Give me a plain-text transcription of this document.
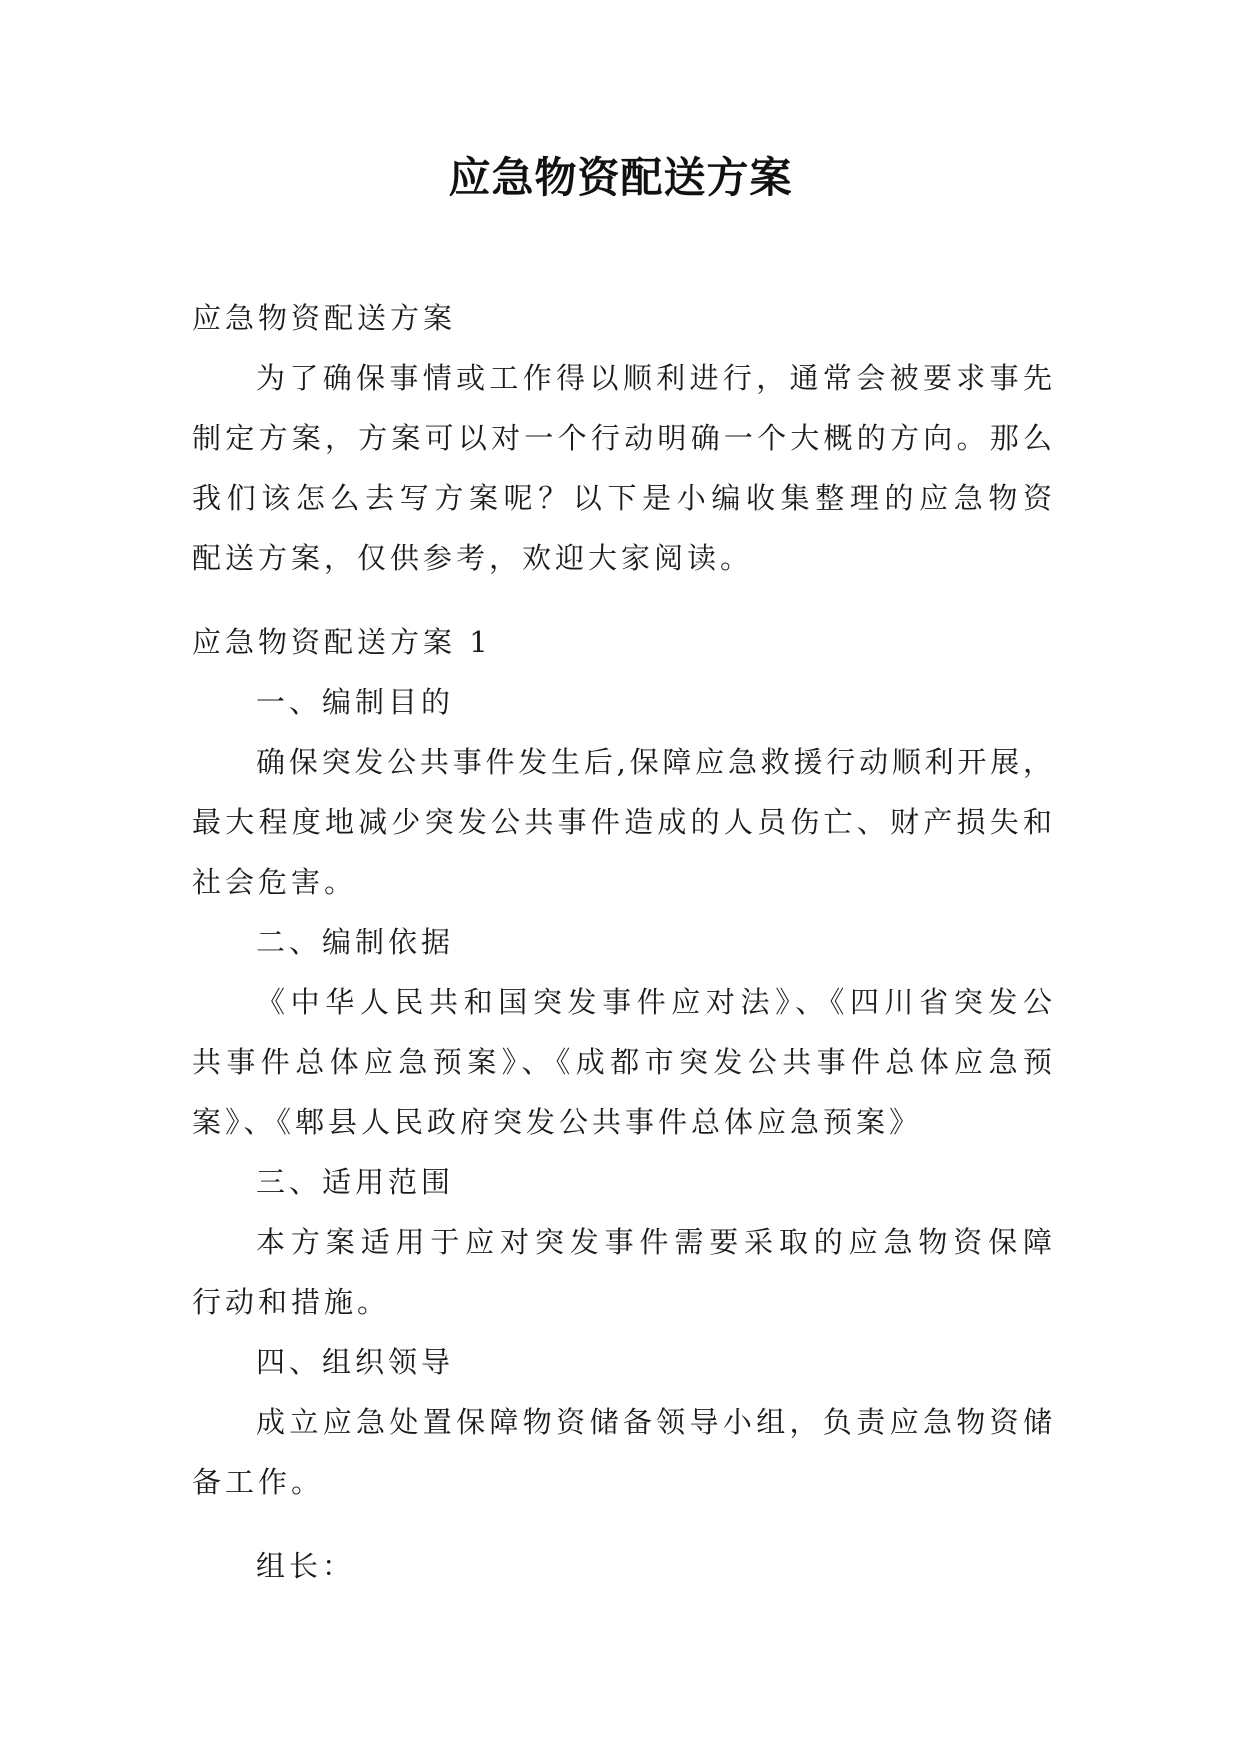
应急物资配送方案

应急物资配送方案

为了确保事情或工作得以顺利进行，通常会被要求事先

制定方案，方案可以对一个行动明确一个大概的方向。那么

我们该怎么去写方案呢？以下是小编收集整理的应急物资

配送方案，仅供参考，欢迎大家阅读。

应急物资配送方案 1

一、编制目的

确保突发公共事件发生后,保障应急救援行动顺利开展，

最大程度地减少突发公共事件造成的人员伤亡、财产损失和

社会危害。

二、编制依据

《中华人民共和国突发事件应对法》、《四川省突发公

共事件总体应急预案》、《成都市突发公共事件总体应急预

案》、《郫县人民政府突发公共事件总体应急预案》

三、适用范围

本方案适用于应对突发事件需要采取的应急物资保障

行动和措施。

四、组织领导

成立应急处置保障物资储备领导小组，负责应急物资储

备工作。

组长：
